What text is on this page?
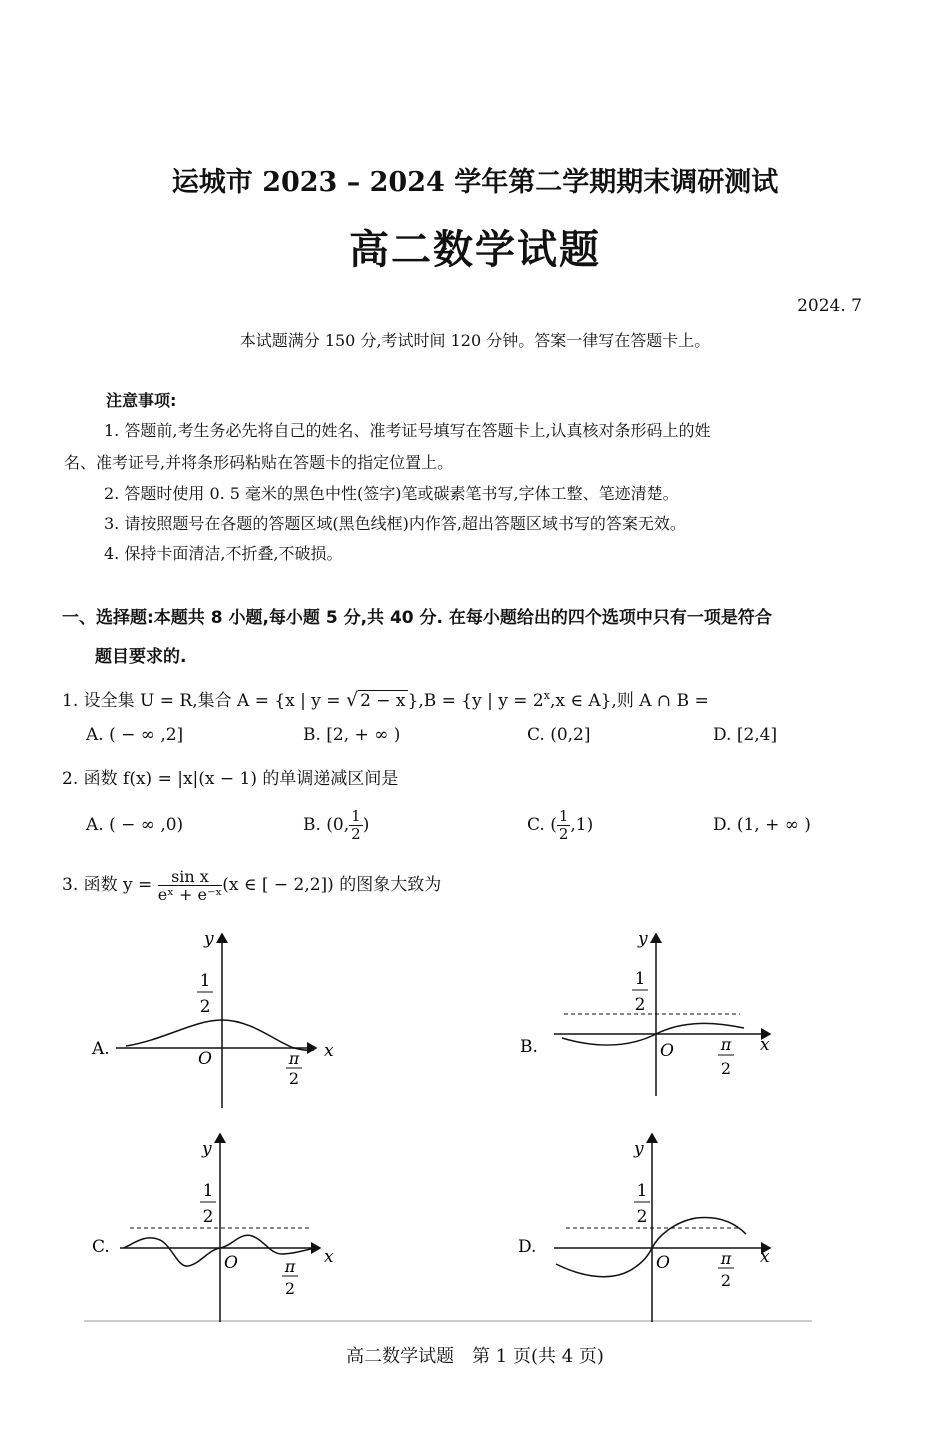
运城市 2023 – 2024 学年第二学期期末调研测试
高二数学试题
2024. 7
本试题满分 150 分,考试时间 120 分钟。答案一律写在答题卡上。
注意事项:
1. 答题前,考生务必先将自己的姓名、准考证号填写在答题卡上,认真核对条形码上的姓
名、准考证号,并将条形码粘贴在答题卡的指定位置上。
2. 答题时使用 0. 5 毫米的黑色中性(签字)笔或碳素笔书写,字体工整、笔迹清楚。
3. 请按照题号在各题的答题区域(黑色线框)内作答,超出答题区域书写的答案无效。
4. 保持卡面清洁,不折叠,不破损。
一、选择题:本题共 8 小题,每小题 5 分,共 40 分. 在每小题给出的四个选项中只有一项是符合
题目要求的.
1. 设全集 U = R,集合 A = {x | y = √ 2 − x },B = {y | $y = 2^x,x$ ∈ A},则 A ∩ B =
A. ( − ∞ ,2]	B. [2, + ∞ )	C. (0,2]	D. [2,4]
2. 函数 f(x) = |x|(x − 1) 的单调递减区间是
A. ( − ∞ ,0)	B. (0, $\frac{1}{2}$ )	C. ( $\frac{1}{2} ,1$)	D. (1, + ∞ )
3. 函数 $y = \frac{\text{sin x}}{\text{eˣ + e⁻ˣ}} (x$ ∈ [ − 2,2]) 的图象大致为
A.
y
x
O
1
2
π
2
B.
y
x
O
1
2
π
2
C.
y
x
O
1
2
π
2
D.
y
x
O
1
2
π
2
高二数学试题　第 1 页(共 4 页)
